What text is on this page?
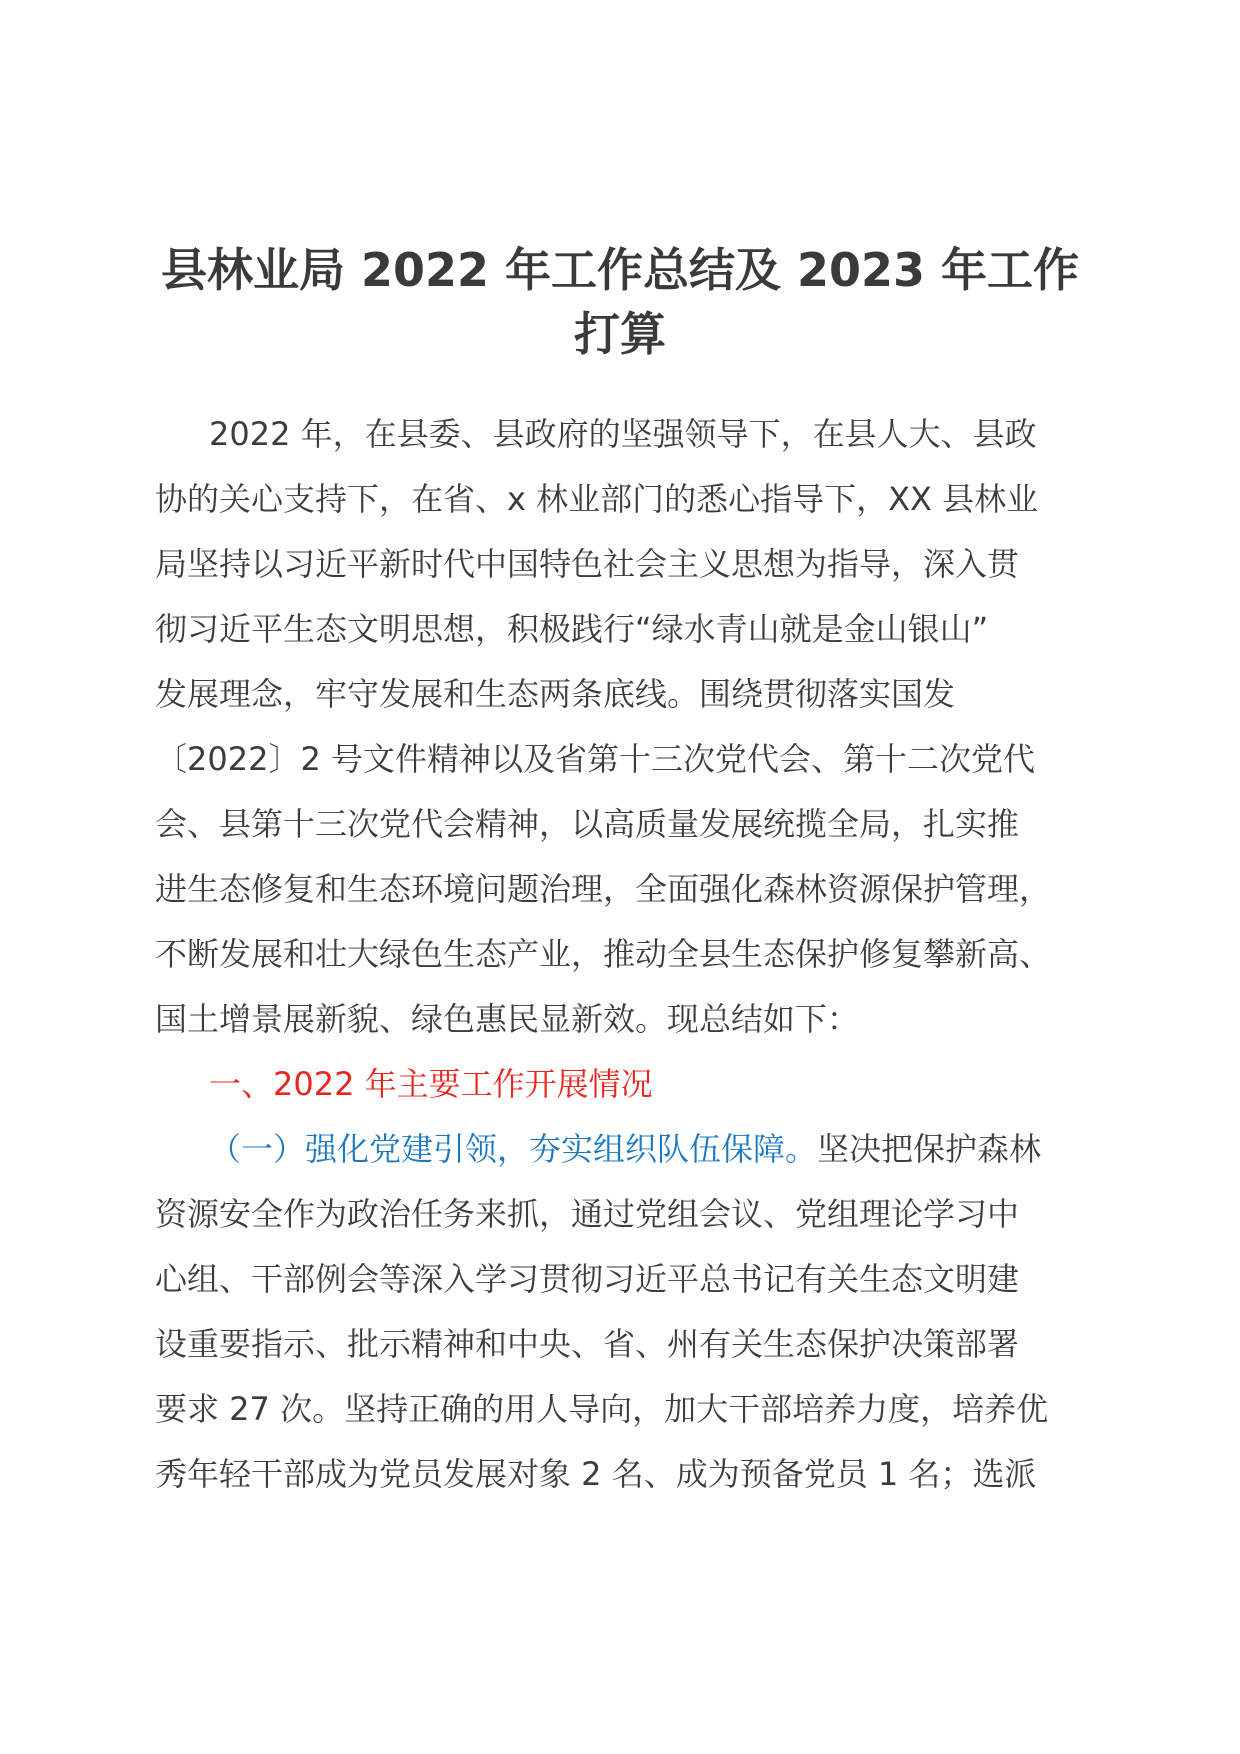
县林业局 2022 年工作总结及 2023 年工作
打算
2022 年，在县委、县政府的坚强领导下，在县人大、县政
协的关心支持下，在省、x 林业部门的悉心指导下，XX 县林业
局坚持以习近平新时代中国特色社会主义思想为指导，深入贯
彻习近平生态文明思想，积极践行“绿水青山就是金山银山”
发展理念，牢守发展和生态两条底线。围绕贯彻落实国发
〔2022〕2 号文件精神以及省第十三次党代会、第十二次党代
会、县第十三次党代会精神，以高质量发展统揽全局，扎实推
进生态修复和生态环境问题治理，全面强化森林资源保护管理，
不断发展和壮大绿色生态产业，推动全县生态保护修复攀新高、
国土增景展新貌、绿色惠民显新效。现总结如下：
一、2022 年主要工作开展情况
（一）强化党建引领，夯实组织队伍保障。坚决把保护森林
资源安全作为政治任务来抓，通过党组会议、党组理论学习中
心组、干部例会等深入学习贯彻习近平总书记有关生态文明建
设重要指示、批示精神和中央、省、州有关生态保护决策部署
要求 27 次。坚持正确的用人导向，加大干部培养力度，培养优
秀年轻干部成为党员发展对象 2 名、成为预备党员 1 名；选派
